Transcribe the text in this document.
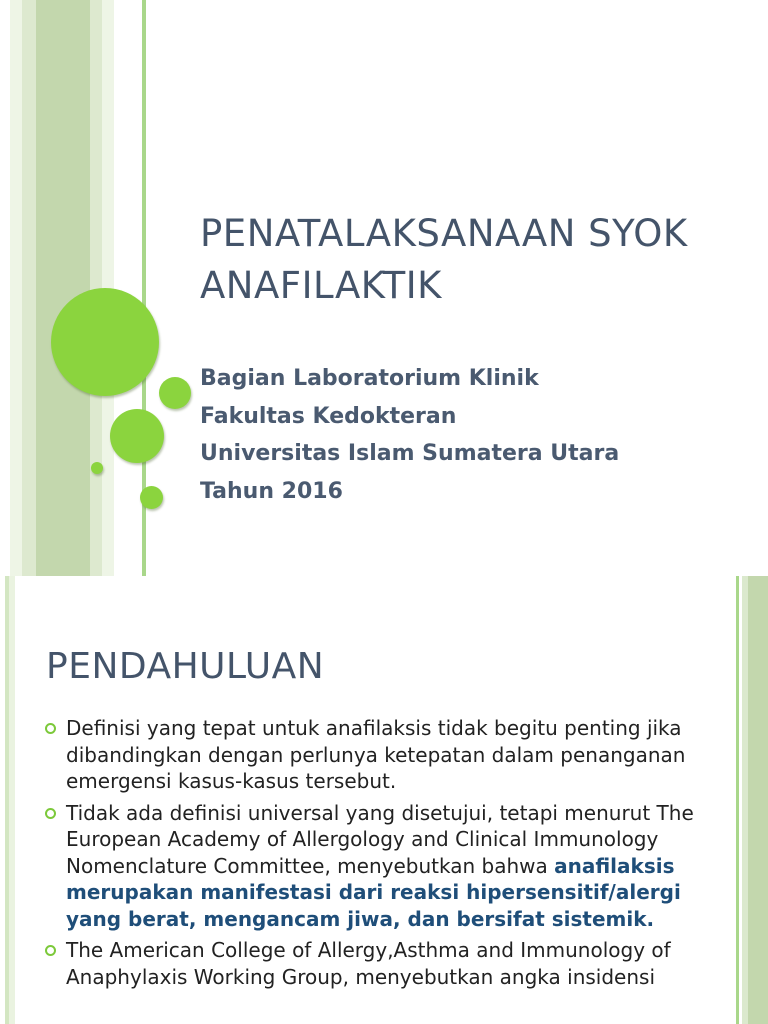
PENATALAKSANAAN SYOK
ANAFILAKTIK
Bagian Laboratorium Klinik
Fakultas Kedokteran
Universitas Islam Sumatera Utara
Tahun 2016
PENDAHULUAN
Definisi yang tepat untuk anafilaksis tidak begitu penting jika dibandingkan dengan perlunya ketepatan dalam penanganan emergensi kasus-kasus tersebut.
Tidak ada definisi universal yang disetujui, tetapi menurut The European Academy of Allergology and Clinical Immunology Nomenclature Committee, menyebutkan bahwa anafilaksis merupakan manifestasi dari reaksi hipersensitif/alergi yang berat, mengancam jiwa, dan bersifat sistemik.
The American College of Allergy,Asthma and Immunology of Anaphylaxis Working Group, menyebutkan angka insidensi
